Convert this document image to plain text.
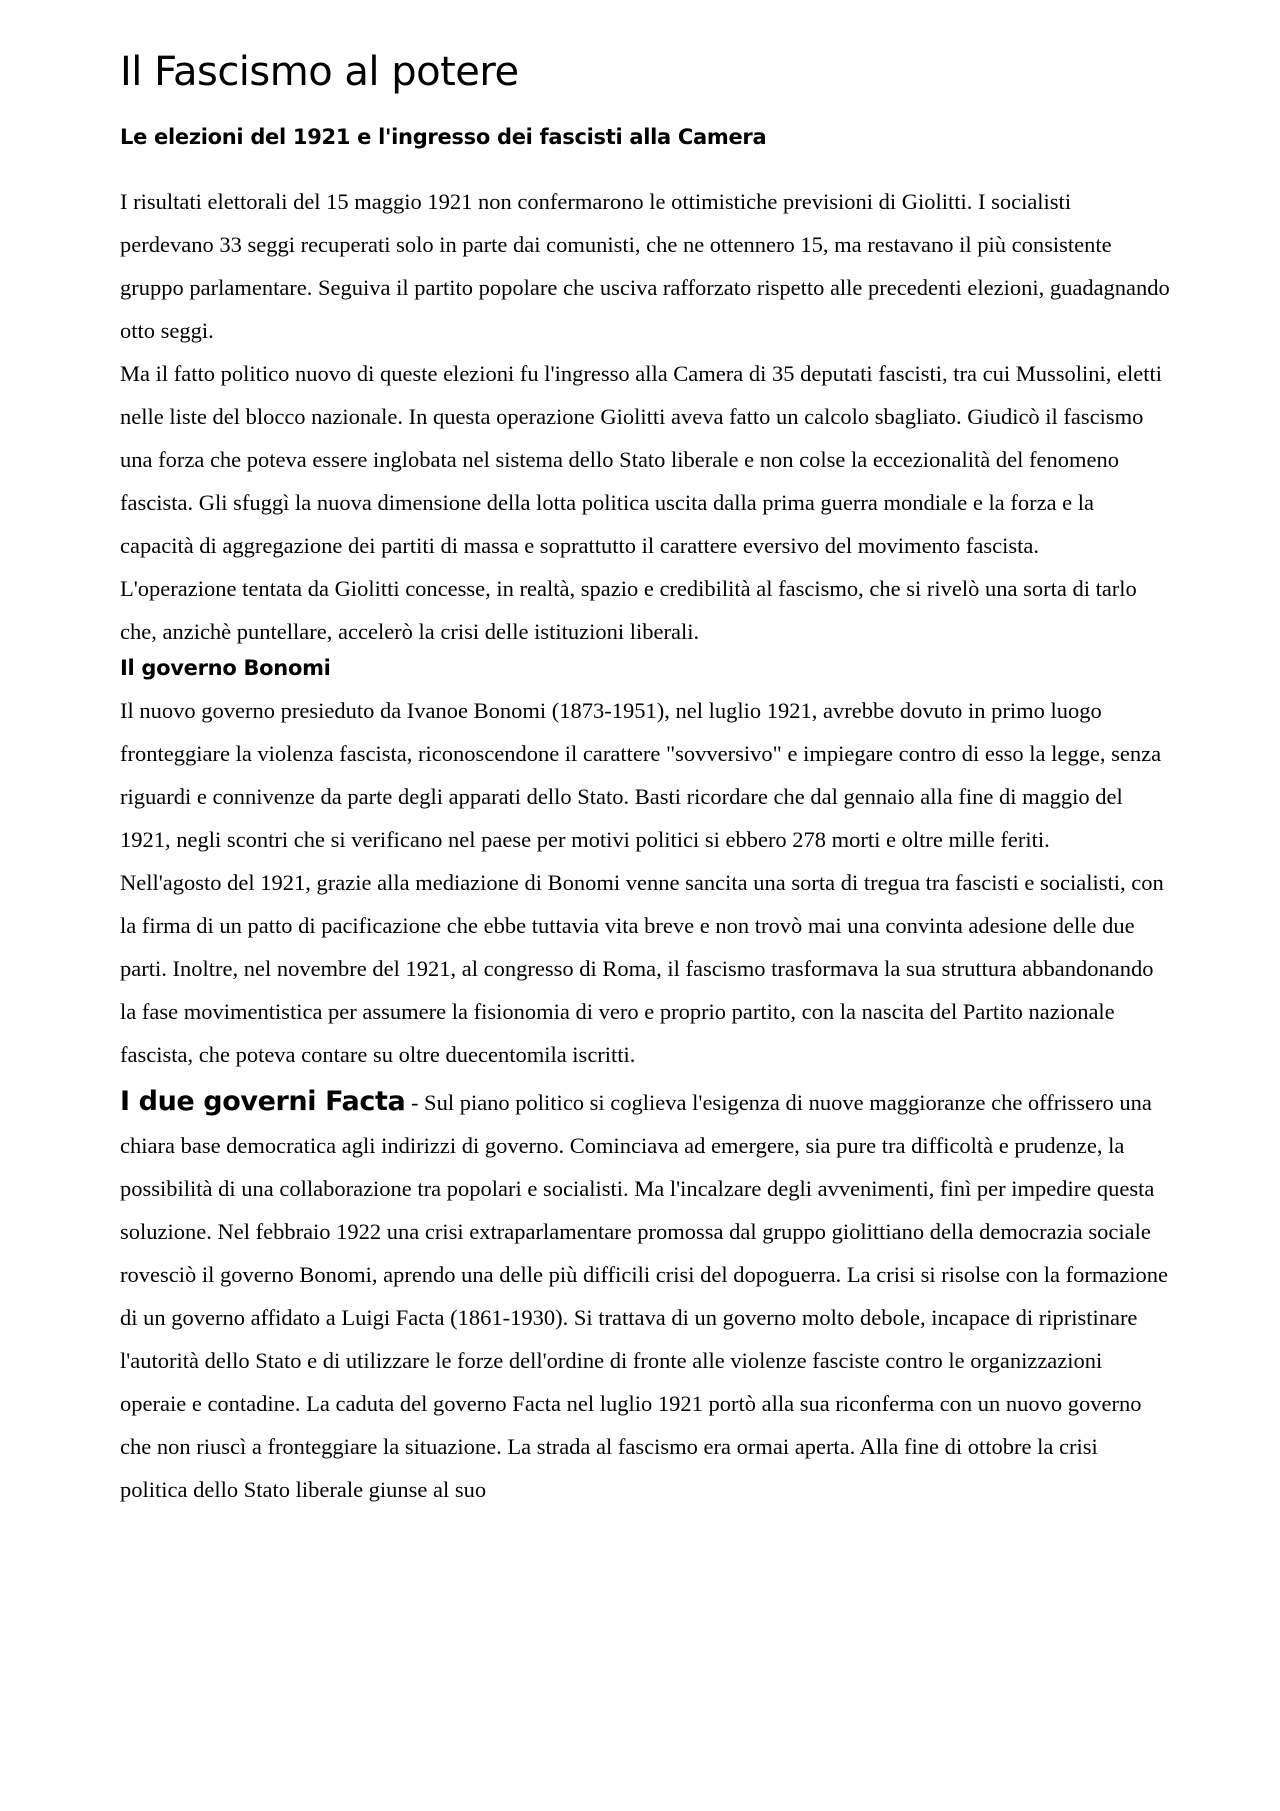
Il Fascismo al potere
Le elezioni del 1921 e l'ingresso dei fascisti alla Camera

I risultati elettorali del 15 maggio 1921 non confermarono le ottimistiche previsioni di Giolitti. I socialisti perdevano 33 seggi recuperati solo in parte dai comunisti, che ne ottennero 15, ma restavano il più consistente gruppo parlamentare. Seguiva il partito popolare che usciva rafforzato rispetto alle precedenti elezioni, guadagnando otto seggi.

Ma il fatto politico nuovo di queste elezioni fu l'ingresso alla Camera di 35 deputati fascisti, tra cui Mussolini, eletti nelle liste del blocco nazionale. In questa operazione Giolitti aveva fatto un calcolo sbagliato. Giudicò il fascismo una forza che poteva essere inglobata nel sistema dello Stato liberale e non colse la eccezionalità del fenomeno fascista. Gli sfuggì la nuova dimensione della lotta politica uscita dalla prima guerra mondiale e la forza e la capacità di aggregazione dei partiti di massa e soprattutto il carattere eversivo del movimento fascista.

L'operazione tentata da Giolitti concesse, in realtà, spazio e credibilità al fascismo, che si rivelò una sorta di tarlo che, anzichè puntellare, accelerò la crisi delle istituzioni liberali.

Il governo Bonomi

Il nuovo governo presieduto da Ivanoe Bonomi (1873-1951), nel luglio 1921, avrebbe dovuto in primo luogo fronteggiare la violenza fascista, riconoscendone il carattere "sovversivo" e impiegare contro di esso la legge, senza riguardi e connivenze da parte degli apparati dello Stato. Basti ricordare che dal gennaio alla fine di maggio del 1921, negli scontri che si verificano nel paese per motivi politici si ebbero 278 morti e oltre mille feriti.

Nell'agosto del 1921, grazie alla mediazione di Bonomi venne sancita una sorta di tregua tra fascisti e socialisti, con la firma di un patto di pacificazione che ebbe tuttavia vita breve e non trovò mai una convinta adesione delle due parti. Inoltre, nel novembre del 1921, al congresso di Roma, il fascismo trasformava la sua struttura abbandonando la fase movimentistica per assumere la fisionomia di vero e proprio partito, con la nascita del Partito nazionale fascista, che poteva contare su oltre duecentomila iscritti.

I due governi Facta - Sul piano politico si coglieva l'esigenza di nuove maggioranze che offrissero una chiara base democratica agli indirizzi di governo. Cominciava ad emergere, sia pure tra difficoltà e prudenze, la possibilità di una collaborazione tra popolari e socialisti. Ma l'incalzare degli avvenimenti, finì per impedire questa soluzione. Nel febbraio 1922 una crisi extraparlamentare promossa dal gruppo giolittiano della democrazia sociale rovesciò il governo Bonomi, aprendo una delle più difficili crisi del dopoguerra. La crisi si risolse con la formazione di un governo affidato a Luigi Facta (1861-1930). Si trattava di un governo molto debole, incapace di ripristinare l'autorità dello Stato e di utilizzare le forze dell'ordine di fronte alle violenze fasciste contro le organizzazioni operaie e contadine. La caduta del governo Facta nel luglio 1921 portò alla sua riconferma con un nuovo governo che non riuscì a fronteggiare la situazione. La strada al fascismo era ormai aperta. Alla fine di ottobre la crisi politica dello Stato liberale giunse al suo
